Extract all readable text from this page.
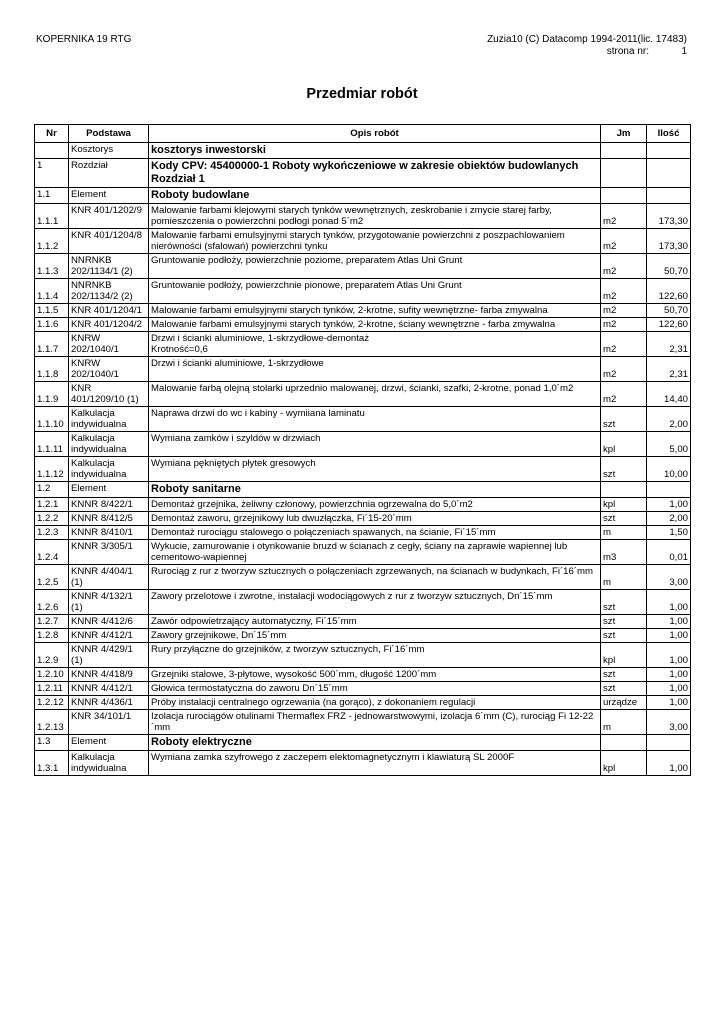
KOPERNIKA 19 RTG	Zuzia10 (C) Datacomp 1994-2011(lic. 17483)
strona nr:	1
Przedmiar robót
Nr	Podstawa	Opis robót	Jm	Ilość
	Kosztorys	kosztorys inwestorski		
1	Rozdział	Kody CPV: 45400000-1 Roboty wykończeniowe w zakresie obiektów budowlanych
Rozdział 1		
1.1	Element	Roboty budowlane		
1.1.1	KNR 401/1202/9	Malowanie farbami klejowymi starych tynków wewnętrznych, zeskrobanie i zmycie starej farby, pomieszczenia o powierzchni podłogi ponad 5´m2	m2	173,30
1.1.2	KNR 401/1204/8	Malowanie farbami emulsyjnymi starych tynków, przygotowanie powierzchni z poszpachlowaniem nierówności (sfalowań) powierzchni tynku	m2	173,30
1.1.3	NNRNKB 202/1134/1 (2)	Gruntowanie podłoży, powierzchnie poziome, preparatem Atlas Uni Grunt	m2	50,70
1.1.4	NNRNKB 202/1134/2 (2)	Gruntowanie podłoży, powierzchnie pionowe, preparatem Atlas Uni Grunt	m2	122,60
1.1.5	KNR 401/1204/1	Malowanie farbami emulsyjnymi starych tynków, 2-krotne, sufity wewnętrzne- farba zmywalna	m2	50,70
1.1.6	KNR 401/1204/2	Malowanie farbami emulsyjnymi starych tynków, 2-krotne, ściany wewnętrzne - farba zmywalna	m2	122,60
1.1.7	KNRW 202/1040/1	Drzwi i ścianki aluminiowe, 1-skrzydłowe-demontaż
Krotność=0,6	m2	2,31
1.1.8	KNRW 202/1040/1	Drzwi i ścianki aluminiowe, 1-skrzydłowe	m2	2,31
1.1.9	KNR 401/1209/10 (1)	Malowanie farbą olejną stolarki uprzednio malowanej, drzwi, ścianki, szafki, 2-krotne, ponad 1,0´m2	m2	14,40
1.1.10	Kalkulacja indywidualna	Naprawa drzwi do wc i kabiny - wymiiana laminatu	szt	2,00
1.1.11	Kalkulacja indywidualna	Wymiana zamków i szyldów w drzwiach	kpl	5,00
1.1.12	Kalkulacja indywidualna	Wymiana pękniętych płytek gresowych	szt	10,00
1.2	Element	Roboty sanitarne		
1.2.1	KNNR 8/422/1	Demontaż grzejnika, żeliwny członowy, powierzchnia ogrzewalna do 5,0´m2	kpl	1,00
1.2.2	KNNR 8/412/5	Demontaż zaworu, grzejnikowy lub dwuzłączka, Fi´15-20´mm	szt	2,00
1.2.3	KNNR 8/410/1	Demontaż rurociągu stalowego o połączeniach spawanych, na ścianie, Fi´15´mm	m	1,50
1.2.4	KNNR 3/305/1	Wykucie, zamurowanie i otynkowanie bruzd w ścianach z cegły, ściany na zaprawie wapiennej lub cementowo-wapiennej	m3	0,01
1.2.5	KNNR 4/404/1 (1)	Rurociąg z rur z tworzyw sztucznych o połączeniach zgrzewanych, na ścianach w budynkach, Fi´16´mm	m	3,00
1.2.6	KNNR 4/132/1 (1)	Zawory przelotowe i zwrotne, instalacji wodociągowych z rur z tworzyw sztucznych, Dn´15´mm	szt	1,00
1.2.7	KNNR 4/412/6	Zawór odpowietrzający automatyczny, Fi´15´mm	szt	1,00
1.2.8	KNNR 4/412/1	Zawory grzejnikowe, Dn´15´mm	szt	1,00
1.2.9	KNNR 4/429/1 (1)	Rury przyłączne do grzejników, z tworzyw sztucznych, Fi´16´mm	kpl	1,00
1.2.10	KNNR 4/418/9	Grzejniki stalowe, 3-płytowe, wysokość 500´mm, długość 1200´mm	szt	1,00
1.2.11	KNNR 4/412/1	Głowica termostatyczna do zaworu Dn´15´mm	szt	1,00
1.2.12	KNNR 4/436/1	Próby instalacji centralnego ogrzewania (na gorąco), z dokonaniem regulacji	urządze	1,00
1.2.13	KNR 34/101/1	Izolacja rurociągów otulinami Thermaflex FRZ - jednowarstwowymi, izolacja 6´mm (C), rurociąg Fi 12-22´mm	m	3,00
1.3	Element	Roboty elektryczne		
1.3.1	Kalkulacja indywidualna	Wymiana zamka szyfrowego z zaczepem elektomagnetycznym i klawiaturą SL 2000F	kpl	1,00
